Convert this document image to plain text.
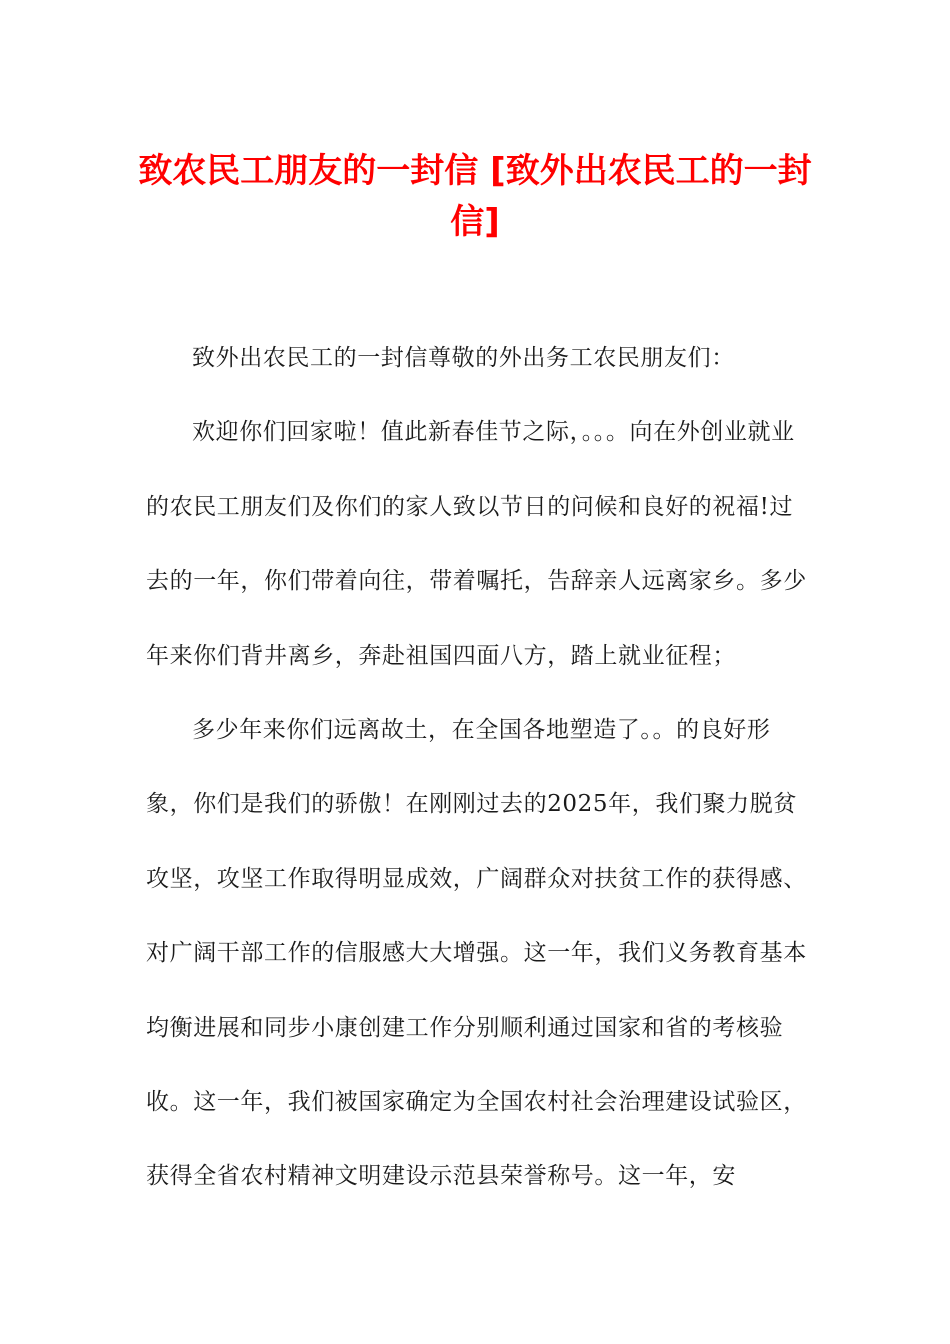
致农民工朋友的一封信 [致外出农民工的一封信]

致外出农民工的一封信尊敬的外出务工农民朋友们：

欢迎你们回家啦！值此新春佳节之际，。。。向在外创业就业的农民工朋友们及你们的家人致以节日的问候和良好的祝福!过去的一年，你们带着向往，带着嘱托，告辞亲人远离家乡。多少年来你们背井离乡，奔赴祖国四面八方，踏上就业征程；

多少年来你们远离故土，在全国各地塑造了。。的良好形象，你们是我们的骄傲！在刚刚过去的2025年，我们聚力脱贫攻坚，攻坚工作取得明显成效，广阔群众对扶贫工作的获得感、对广阔干部工作的信服感大大增强。这一年，我们义务教育基本均衡进展和同步小康创建工作分别顺利通过国家和省的考核验收。这一年，我们被国家确定为全国农村社会治理建设试验区，获得全省农村精神文明建设示范县荣誉称号。这一年，安
